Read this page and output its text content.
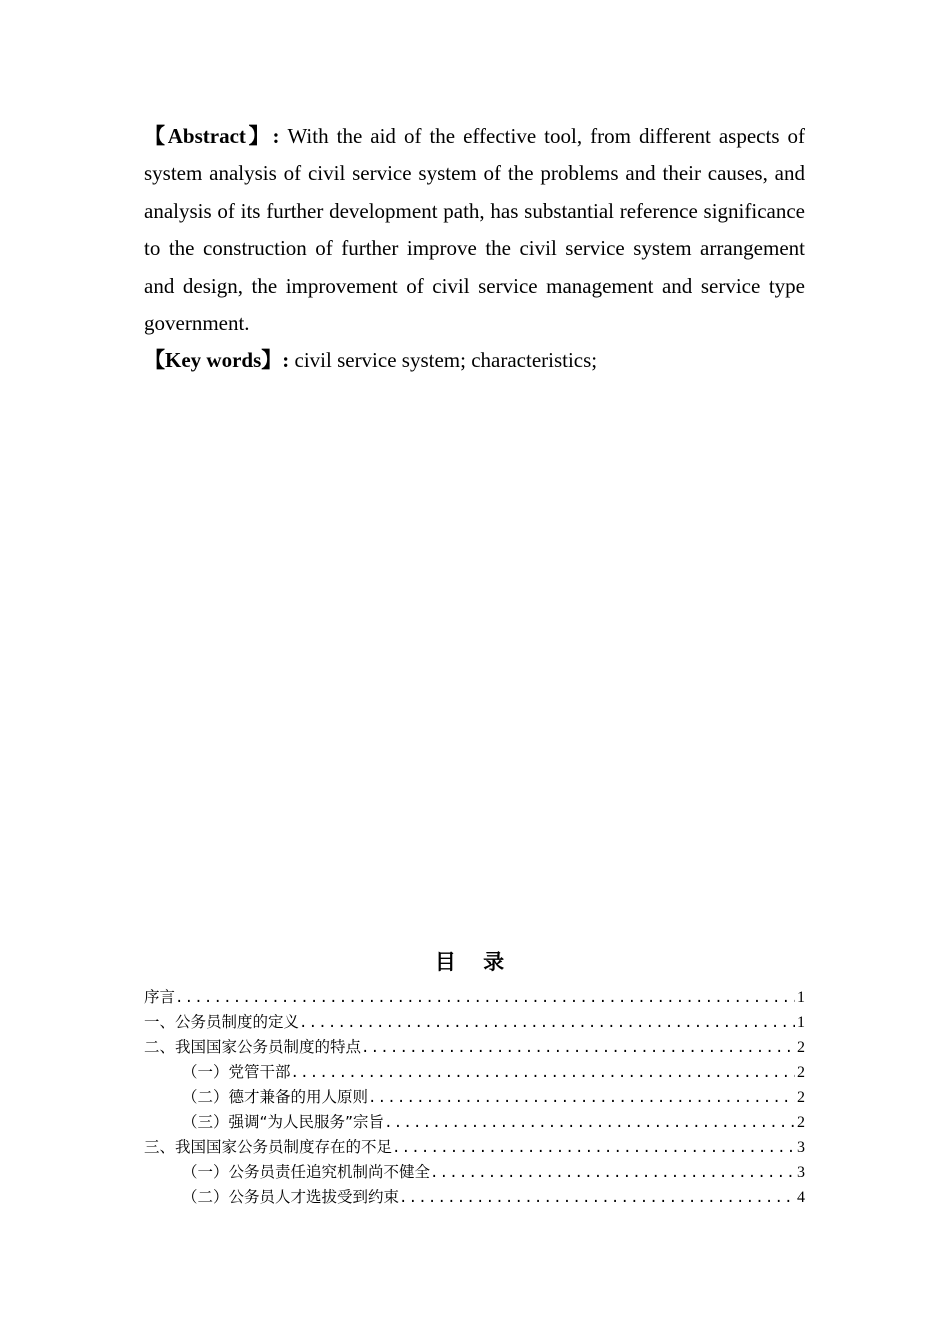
【Abstract】: With the aid of the effective tool, from different aspects of system analysis of civil service system of the problems and their causes, and analysis of its further development path, has substantial reference significance to the construction of further improve the civil service system arrangement and design, the improvement of civil service management and service type government.

【Key words】: civil service system; characteristics;

目 录
序言 .....	1
一、公务员制度的定义 .....	1
二、我国国家公务员制度的特点 .....	2
（一）党管干部 .....	2
（二）德才兼备的用人原则 .....	2
（三）强调“为人民服务”宗旨 .....	2
三、我国国家公务员制度存在的不足 .....	3
（一）公务员责任追究机制尚不健全 .....	3
（二）公务员人才选拔受到约束 .....	4
